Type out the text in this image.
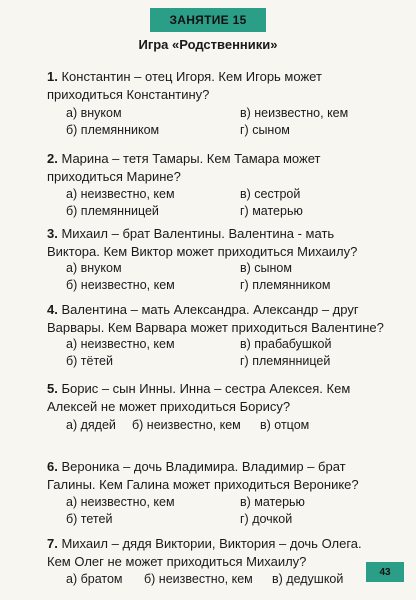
ЗАНЯТИЕ 15
Игра «Родственники»
1. Константин – отец Игоря. Кем Игорь может приходиться Константину?
а) внуком	в) неизвестно, кем
б) племянником	г) сыном
2. Марина – тетя Тамары. Кем Тамара может приходиться Марине?
а) неизвестно, кем	в) сестрой
б) племянницей	г) матерью
3. Михаил – брат Валентины. Валентина - мать Виктора. Кем Виктор может приходиться Михаилу?
а) внуком	в) сыном
б) неизвестно, кем	г) племянником
4. Валентина – мать Александра. Александр – друг Варвары. Кем Варвара может приходиться Валентине?
а) неизвестно, кем	в) прабабушкой
б) тётей	г) племянницей
5. Борис – сын Инны. Инна – сестра Алексея. Кем Алексей не может приходиться Борису?
а) дядей б) неизвестно, кем в) отцом
6. Вероника – дочь Владимира. Владимир – брат Галины. Кем Галина может приходиться Веронике?
а) неизвестно, кем	в) матерью
б) тетей	г) дочкой
7. Михаил – дядя Виктории, Виктория – дочь Олега. Кем Олег не может приходиться Михаилу?
а) братом б) неизвестно, кем в) дедушкой	43
